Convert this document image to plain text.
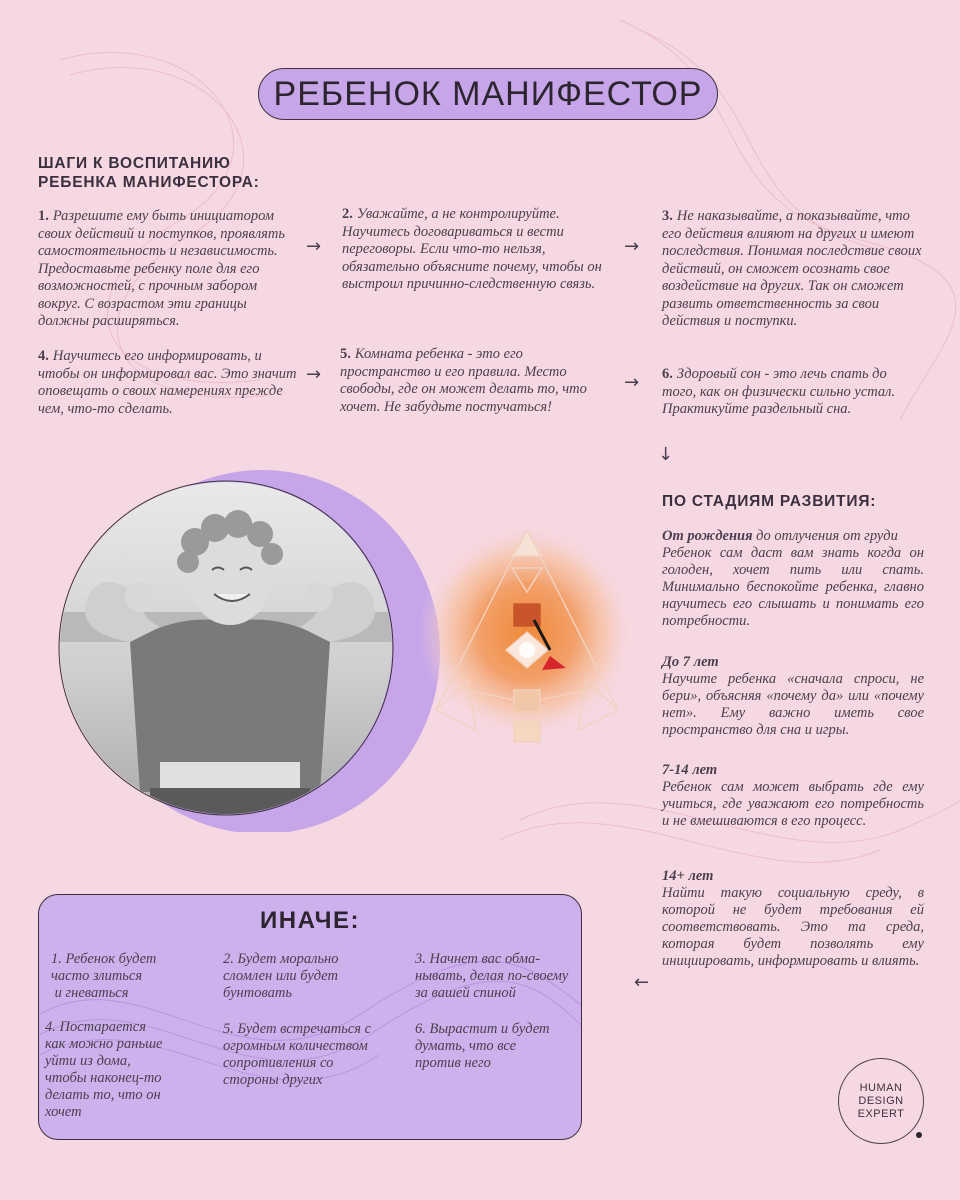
РЕБЕНОК МАНИФЕСТОР
ШАГИ К ВОСПИТАНИЮ РЕБЕНКА МАНИФЕСТОРА:
1. Разрешите ему быть инициатором своих действий и поступков, проявлять самостоятельность и независимость. Предоставьте ребенку поле для его возможностей, с прочным забором вокруг. С возрастом эти границы должны расширяться.
2. Уважайте, а не контролируйте. Научитесь договариваться и вести переговоры. Если что-то нельзя, обязательно объясните почему, чтобы он выстроил причинно-следственную связь.
3. Не наказывайте, а показывайте, что его действия влияют на других и имеют последствия. Понимая последствие своих действий, он сможет осознать свое воздействие на других. Так он сможет развить ответственность за свои действия и поступки.
4. Научитесь его информировать, и чтобы он информировал вас. Это значит оповещать о своих намерениях прежде чем, что-то сделать.
5. Комната ребенка - это его пространство и его правила. Место свободы, где он может делать то, что хочет. Не забудьте постучаться!
6. Здоровый сон - это лечь спать до того, как он физически сильно устал. Практикуйте раздельный сна.
→	→
→	→
↓
←
ПО СТАДИЯМ РАЗВИТИЯ:
От рождения до отлучения от груди
Ребенок сам даст вам знать когда он голоден, хочет пить или спать. Минимально беспокойте ребенка, главно научитесь его слышать и понимать его потребности.
До 7 лет
Научите ребенка «сначала спроси, не бери», объясняя «почему да» или «почему нет». Ему важно иметь свое пространство для сна и игры.
7-14 лет
Ребенок сам может выбрать где ему учиться, где уважают его потребность и не вмешиваются в его процесс.
14+ лет
Найти такую социальную среду, в которой не будет требования ей соответствовать. Это та среда, которая будет позволять ему инициировать, информировать и влиять.
ИНАЧЕ:
1. Ребенок будет
часто злиться
и гневаться
2. Будет морально
сломлен или будет
бунтовать
3. Начнет вас обма-
нывать, делая по-своему
за вашей спиной
4. Постарается
как можно раньше
уйти из дома,
чтобы наконец-то
делать то, что он
хочет
5. Будет встречаться с
огромным количеством
сопротивления со
стороны других
6. Вырастит и будет
думать, что все
против него
HUMAN
DESIGN
EXPERT
